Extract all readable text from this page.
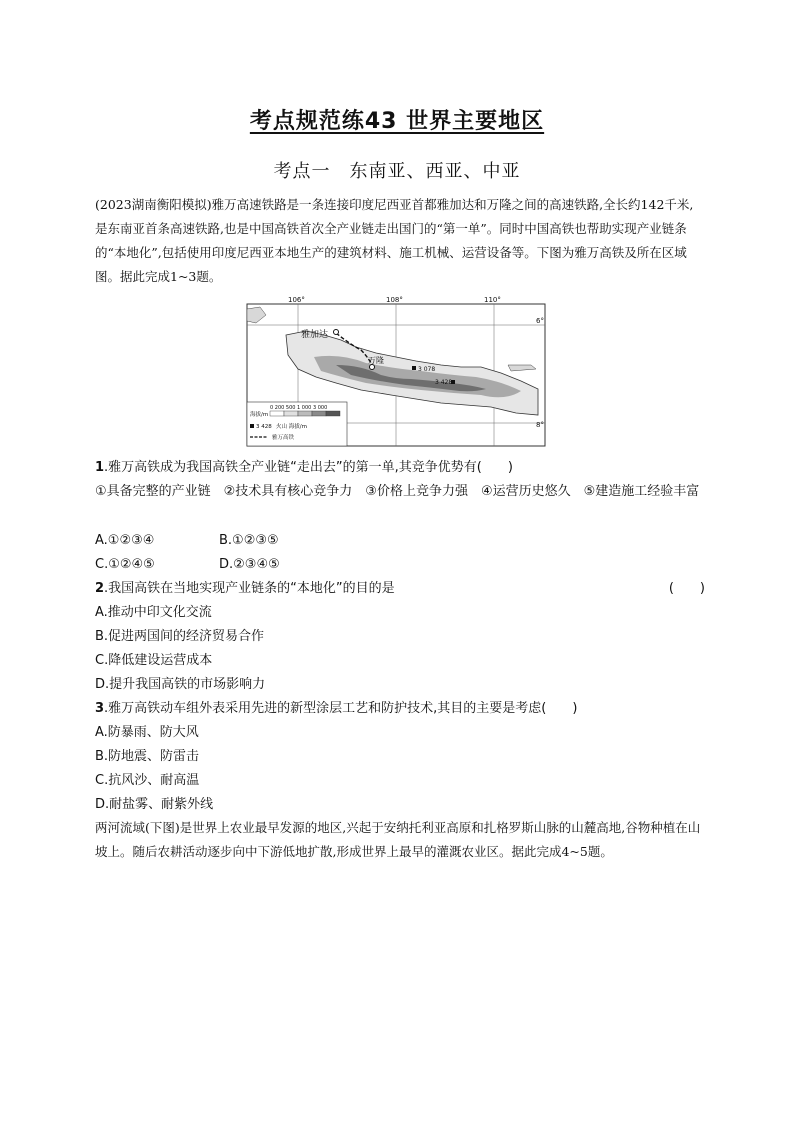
考点规范练43 世界主要地区
考点一　东南亚、西亚、中亚
(2023湖南衡阳模拟)雅万高速铁路是一条连接印度尼西亚首都雅加达和万隆之间的高速铁路,全长约142千米,是东南亚首条高速铁路,也是中国高铁首次全产业链走出国门的“第一单”。同时中国高铁也帮助实现产业链条的“本地化”,包括使用印度尼西亚本地生产的建筑材料、施工机械、运营设备等。下图为雅万高铁及所在区域图。据此完成1~3题。
雅加达
万隆
3 078
3 428
106°	108°	110°
6°
8°
海拔/m
0 200 500 1 000 3 000
3 428 火山 海拔/m
雅万高铁
1.雅万高铁成为我国高铁全产业链“走出去”的第一单,其竞争优势有(　　)
①具备完整的产业链　②技术具有核心竞争力　③价格上竞争力强　④运营历史悠久　⑤建造施工经验丰富
A.①②③④	B.①②③⑤
C.①②④⑤	D.②③④⑤
2.我国高铁在当地实现产业链条的“本地化”的目的是	(　　)
A.推动中印文化交流
B.促进两国间的经济贸易合作
C.降低建设运营成本
D.提升我国高铁的市场影响力
3.雅万高铁动车组外表采用先进的新型涂层工艺和防护技术,其目的主要是考虑(　　)
A.防暴雨、防大风
B.防地震、防雷击
C.抗风沙、耐高温
D.耐盐雾、耐紫外线
两河流域(下图)是世界上农业最早发源的地区,兴起于安纳托利亚高原和扎格罗斯山脉的山麓高地,谷物种植在山坡上。随后农耕活动逐步向中下游低地扩散,形成世界上最早的灌溉农业区。据此完成4~5题。
